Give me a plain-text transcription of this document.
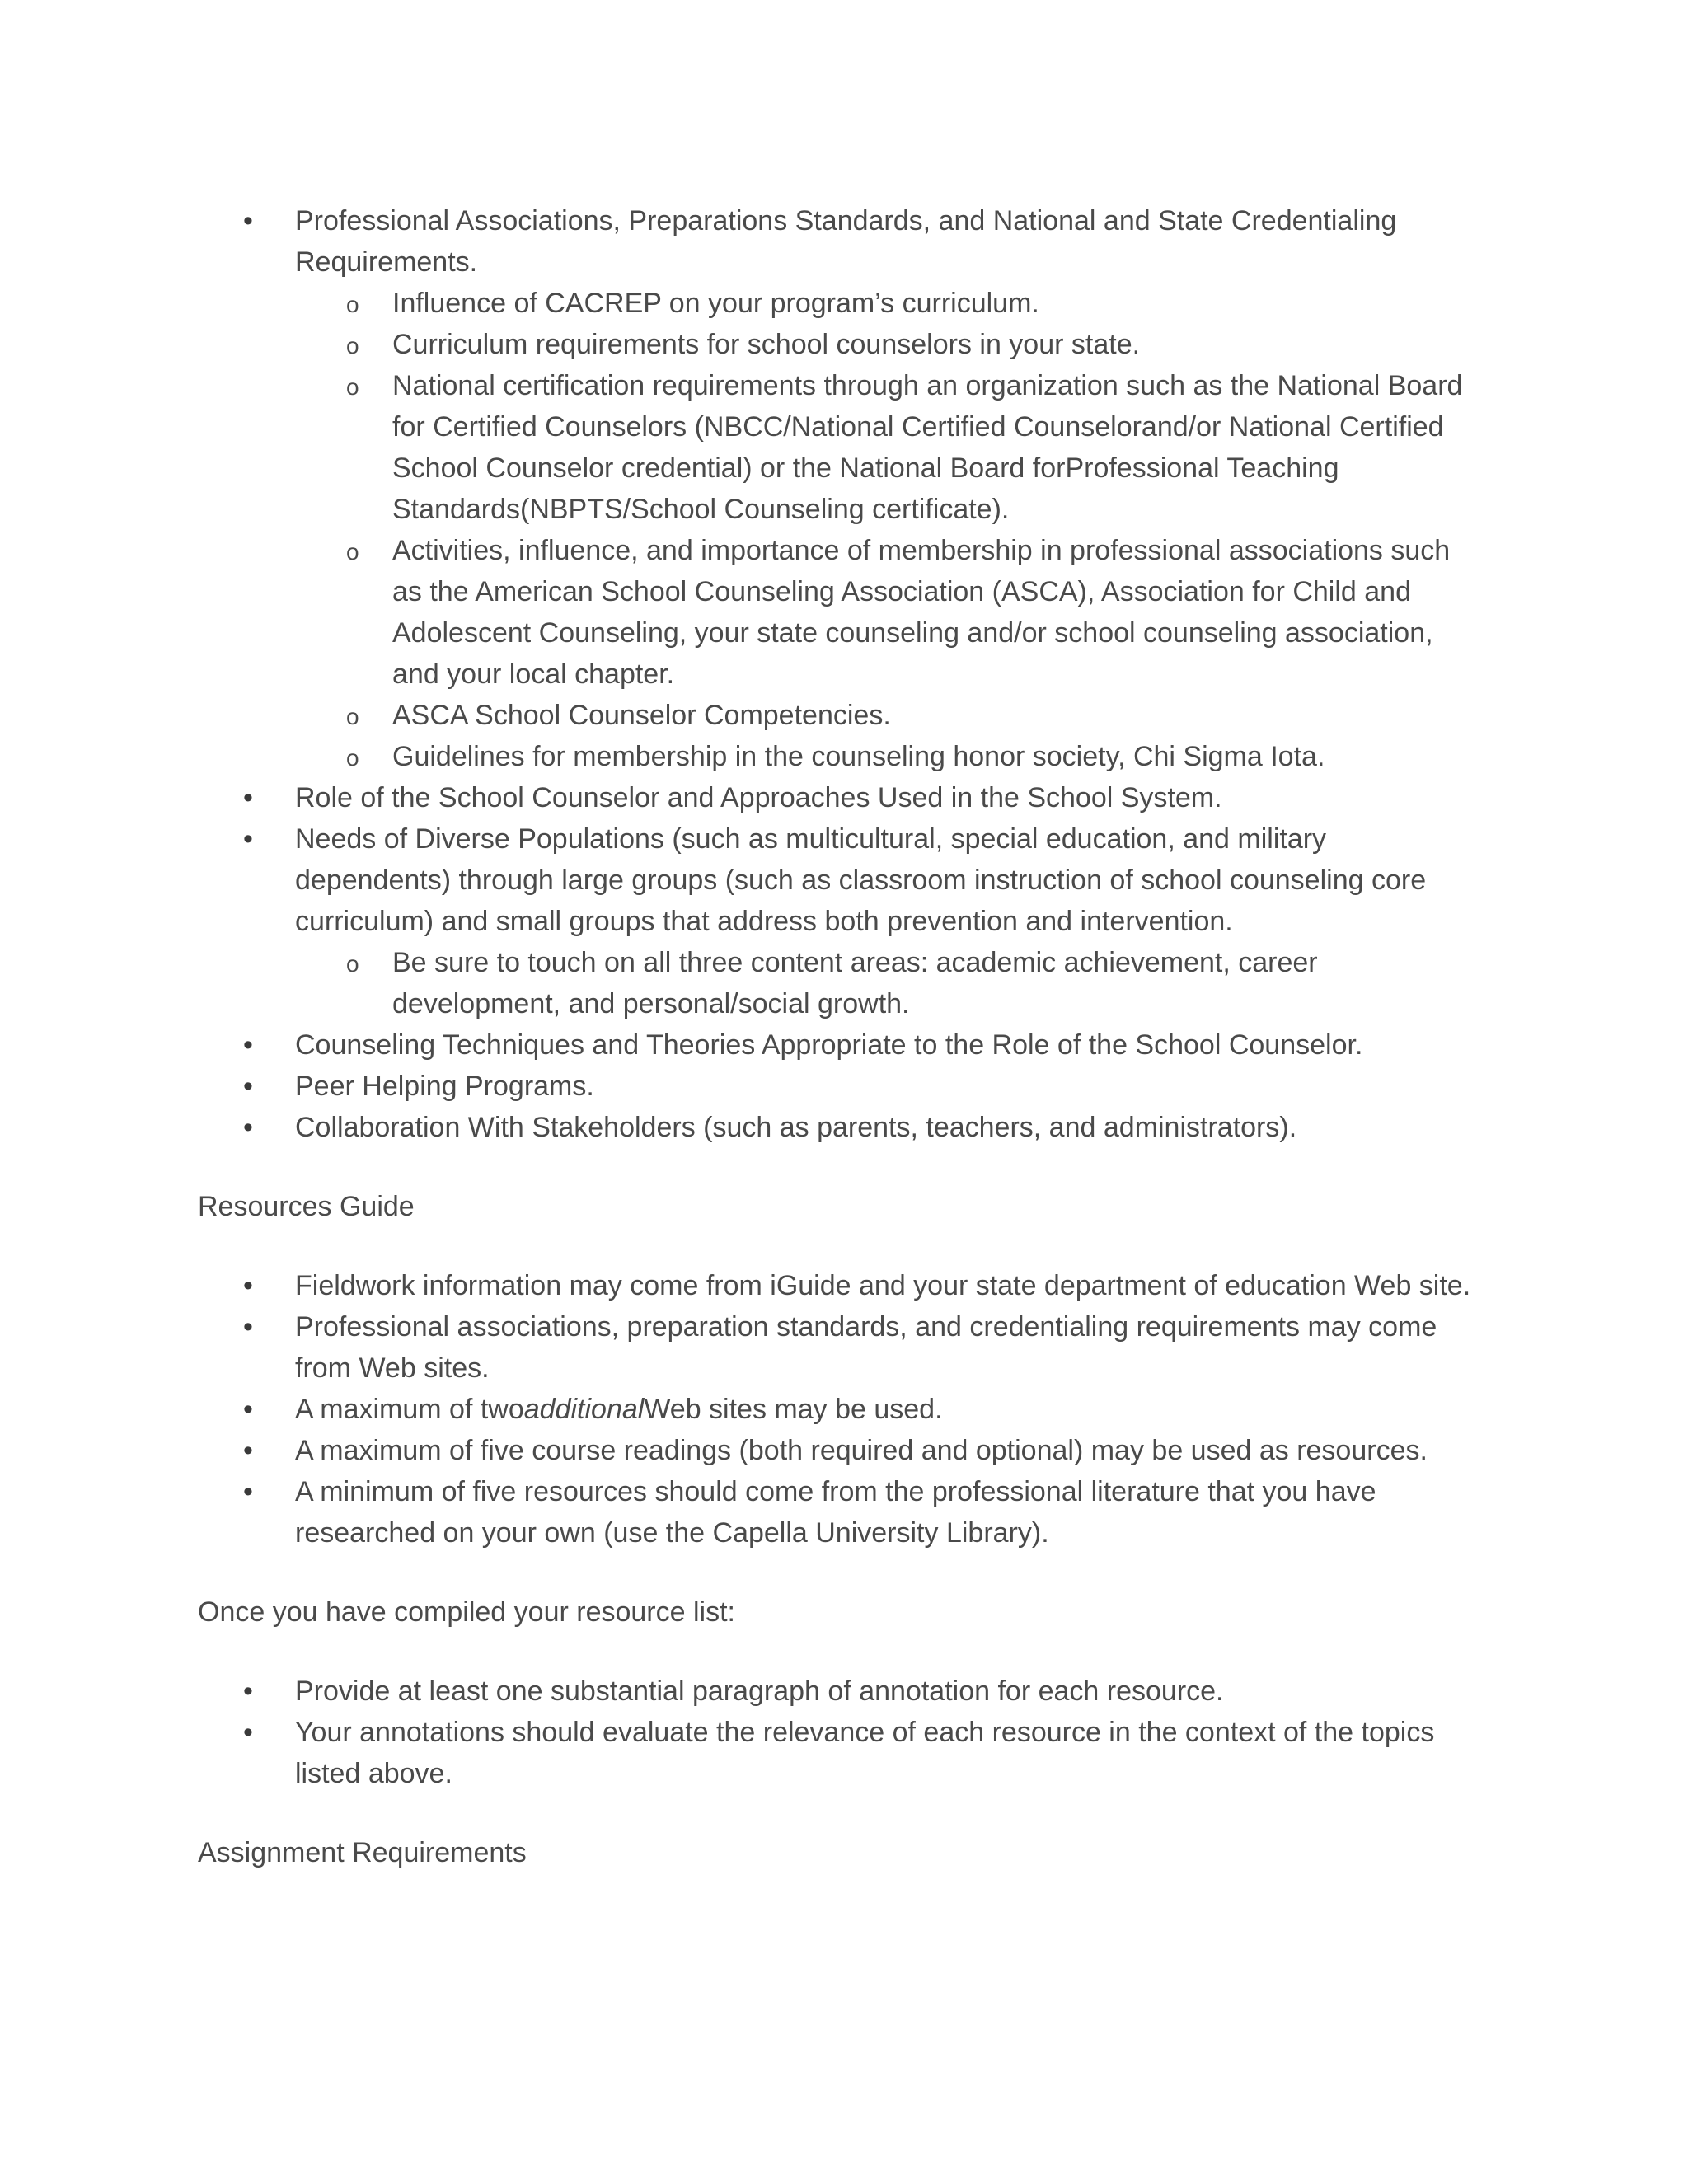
• Professional Associations, Preparations Standards, and National and State Credentialing Requirements.
o Influence of CACREP on your program’s curriculum.
o Curriculum requirements for school counselors in your state.
o National certification requirements through an organization such as the National Board for Certified Counselors (NBCC/National Certified Counselorand/or National Certified School Counselor credential) or the National Board forProfessional Teaching Standards(NBPTS/School Counseling certificate).
o Activities, influence, and importance of membership in professional associations such as the American School Counseling Association (ASCA), Association for Child and Adolescent Counseling, your state counseling and/or school counseling association, and your local chapter.
o ASCA School Counselor Competencies.
o Guidelines for membership in the counseling honor society, Chi Sigma Iota.
• Role of the School Counselor and Approaches Used in the School System.
• Needs of Diverse Populations (such as multicultural, special education, and military dependents) through large groups (such as classroom instruction of school counseling core curriculum) and small groups that address both prevention and intervention.
o Be sure to touch on all three content areas: academic achievement, career development, and personal/social growth.
• Counseling Techniques and Theories Appropriate to the Role of the School Counselor.
• Peer Helping Programs.
• Collaboration With Stakeholders (such as parents, teachers, and administrators).
Resources Guide
• Fieldwork information may come from iGuide and your state department of education Web site.
• Professional associations, preparation standards, and credentialing requirements may come from Web sites.
• A maximum of twoadditionalWeb sites may be used.
• A maximum of five course readings (both required and optional) may be used as resources.
• A minimum of five resources should come from the professional literature that you have researched on your own (use the Capella University Library).

Once you have compiled your resource list:

• Provide at least one substantial paragraph of annotation for each resource.
• Your annotations should evaluate the relevance of each resource in the context of the topics listed above.
Assignment Requirements
